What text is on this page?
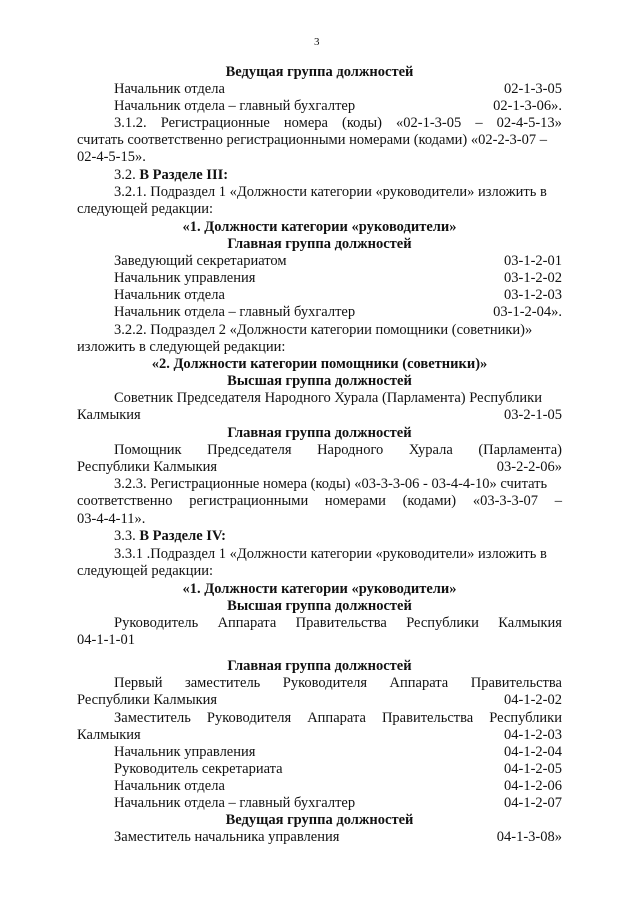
3
Ведущая группа должностей
Начальник отдела	02-1-3-05
Начальник отдела – главный бухгалтер	02-1-3-06».
3.1.2. Регистрационные номера (коды) «02-1-3-05 – 02-4-5-13»
считать соответственно регистрационными номерами (кодами) «02-2-3-07 –
02-4-5-15».
3.2. В Разделе III:
3.2.1. Подраздел 1 «Должности категории «руководители» изложить в
следующей редакции:
«1. Должности категории «руководители»
Главная группа должностей
Заведующий секретариатом	03-1-2-01
Начальник управления	03-1-2-02
Начальник отдела	03-1-2-03
Начальник отдела – главный бухгалтер	03-1-2-04».
3.2.2. Подраздел 2 «Должности категории помощники (советники)»
изложить в следующей редакции:
«2. Должности категории помощники (советники)»
Высшая группа должностей
Советник Председателя Народного Хурала (Парламента) Республики
Калмыкия	03-2-1-05
Главная группа должностей
Помощник Председателя Народного Хурала (Парламента)
Республики Калмыкия	03-2-2-06»
3.2.3. Регистрационные номера (коды) «03-3-3-06 - 03-4-4-10» считать
соответственно регистрационными номерами (кодами) «03-3-3-07 –
03-4-4-11».
3.3. В Разделе IV:
3.3.1 .Подраздел 1 «Должности категории «руководители» изложить в
следующей редакции:
«1. Должности категории «руководители»
Высшая группа должностей
Руководитель Аппарата Правительства Республики Калмыкия
04-1-1-01
Главная группа должностей
Первый заместитель Руководителя Аппарата Правительства
Республики Калмыкия	04-1-2-02
Заместитель Руководителя Аппарата Правительства Республики
Калмыкия	04-1-2-03
Начальник управления	04-1-2-04
Руководитель секретариата	04-1-2-05
Начальник отдела	04-1-2-06
Начальник отдела – главный бухгалтер	04-1-2-07
Ведущая группа должностей
Заместитель начальника управления	04-1-3-08»
